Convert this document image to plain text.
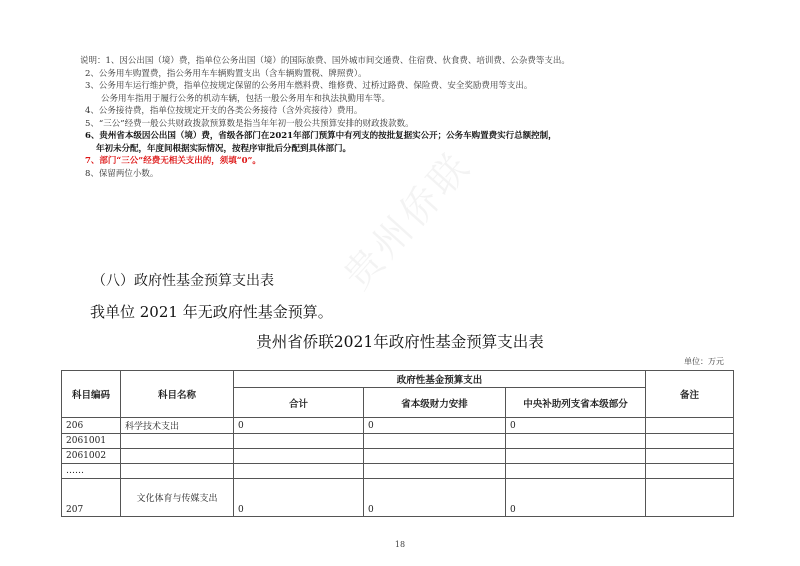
贵州侨联
说明：1、因公出国（境）费，指单位公务出国（境）的国际旅费、国外城市间交通费、住宿费、伙食费、培训费、公杂费等支出。
2、公务用车购置费，指公务用车车辆购置支出（含车辆购置税、牌照费）。
3、公务用车运行维护费，指单位按规定保留的公务用车燃料费、维修费、过桥过路费、保险费、安全奖励费用等支出。
公务用车指用于履行公务的机动车辆，包括一般公务用车和执法执勤用车等。
4、公务接待费，指单位按规定开支的各类公务接待（含外宾接待）费用。
5、“三公”经费一般公共财政拨款预算数是指当年年初一般公共预算安排的财政拨款数。
6、贵州省本级因公出国（境）费，省级各部门在2021年部门预算中有列支的按批复据实公开；公务车购置费实行总额控制，
年初未分配，年度间根据实际情况，按程序审批后分配到具体部门。
7、部门“三公”经费无相关支出的，须填“0”。
8、保留两位小数。
（八）政府性基金预算支出表
我单位 2021 年无政府性基金预算。
贵州省侨联2021年政府性基金预算支出表
单位：万元
科目编码	科目名称	政府性基金预算支出			备注
		合计	省本级财力安排	中央补助列支省本级部分	
206	科学技术支出	0	0	0	
2061001					
2061002					
……					
207	文化体育与传媒支出	0	0	0	
18
